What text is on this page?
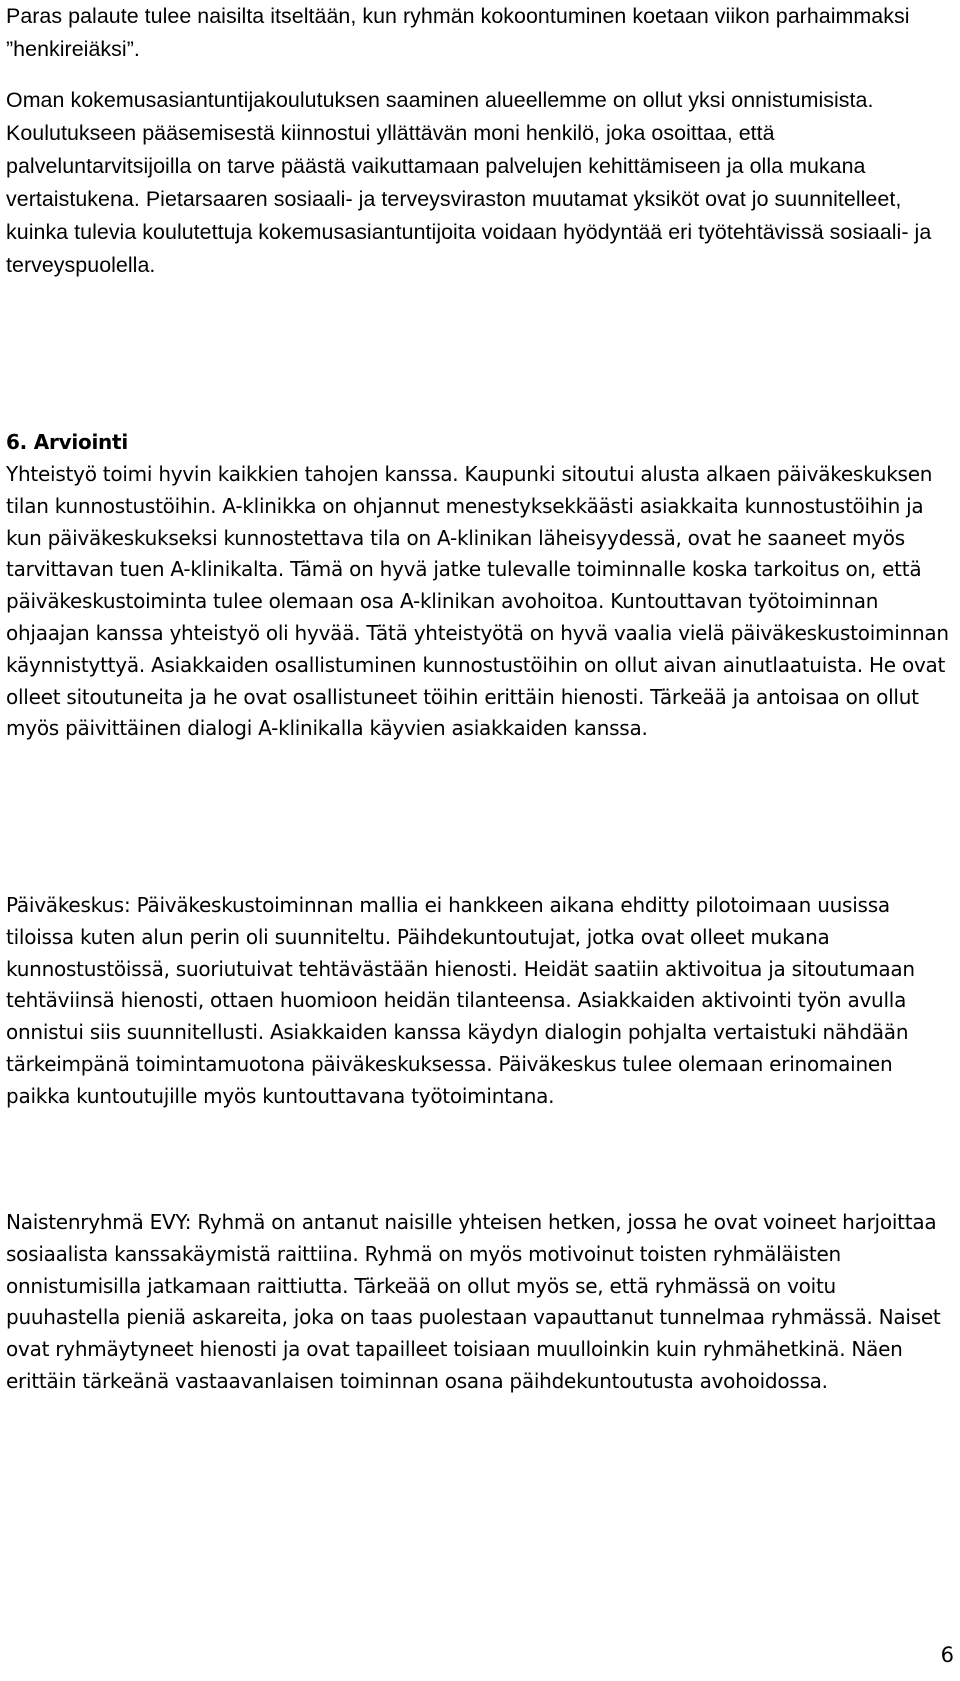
Paras palaute tulee naisilta itseltään, kun ryhmän kokoontuminen koetaan viikon parhaimmaksi ”henkireiäksi”.

Oman kokemusasiantuntijakoulutuksen saaminen alueellemme on ollut yksi onnistumisista. Koulutukseen pääsemisestä kiinnostui yllättävän moni henkilö, joka osoittaa, että palveluntarvitsijoilla on tarve päästä vaikuttamaan palvelujen kehittämiseen ja olla mukana vertaistukena. Pietarsaaren sosiaali- ja terveysviraston muutamat yksiköt ovat jo suunnitelleet, kuinka tulevia koulutettuja kokemusasiantuntijoita voidaan hyödyntää eri työtehtävissä sosiaali- ja terveyspuolella.

6. Arviointi

Yhteistyö toimi hyvin kaikkien tahojen kanssa. Kaupunki sitoutui alusta alkaen päiväkeskuksen tilan kunnostustöihin. A-klinikka on ohjannut menestyksekkäästi asiakkaita kunnostustöihin ja kun päiväkeskukseksi kunnostettava tila on A-klinikan läheisyydessä, ovat he saaneet myös tarvittavan tuen A-klinikalta. Tämä on hyvä jatke tulevalle toiminnalle koska tarkoitus on, että päiväkeskustoiminta tulee olemaan osa A-klinikan avohoitoa. Kuntouttavan työtoiminnan ohjaajan kanssa yhteistyö oli hyvää. Tätä yhteistyötä on hyvä vaalia vielä päiväkeskustoiminnan käynnistyttyä. Asiakkaiden osallistuminen kunnostustöihin on ollut aivan ainutlaatuista. He ovat olleet sitoutuneita ja he ovat osallistuneet töihin erittäin hienosti. Tärkeää ja antoisaa on ollut myös päivittäinen dialogi A-klinikalla käyvien asiakkaiden kanssa.

Päiväkeskus: Päiväkeskustoiminnan mallia ei hankkeen aikana ehditty pilotoimaan uusissa tiloissa kuten alun perin oli suunniteltu. Päihdekuntoutujat, jotka ovat olleet mukana kunnostustöissä, suoriutuivat tehtävästään hienosti. Heidät saatiin aktivoitua ja sitoutumaan tehtäviinsä hienosti, ottaen huomioon heidän tilanteensa. Asiakkaiden aktivointi työn avulla onnistui siis suunnitellusti. Asiakkaiden kanssa käydyn dialogin pohjalta vertaistuki nähdään tärkeimpänä toimintamuotona päiväkeskuksessa. Päiväkeskus tulee olemaan erinomainen paikka kuntoutujille myös kuntouttavana työtoimintana.

Naistenryhmä EVY: Ryhmä on antanut naisille yhteisen hetken, jossa he ovat voineet harjoittaa sosiaalista kanssakäymistä raittiina. Ryhmä on myös motivoinut toisten ryhmäläisten onnistumisilla jatkamaan raittiutta. Tärkeää on ollut myös se, että ryhmässä on voitu puuhastella pieniä askareita, joka on taas puolestaan vapauttanut tunnelmaa ryhmässä. Naiset ovat ryhmäytyneet hienosti ja ovat tapailleet toisiaan muulloinkin kuin ryhmähetkinä. Näen erittäin tärkeänä vastaavanlaisen toiminnan osana päihdekuntoutusta avohoidossa.

6
